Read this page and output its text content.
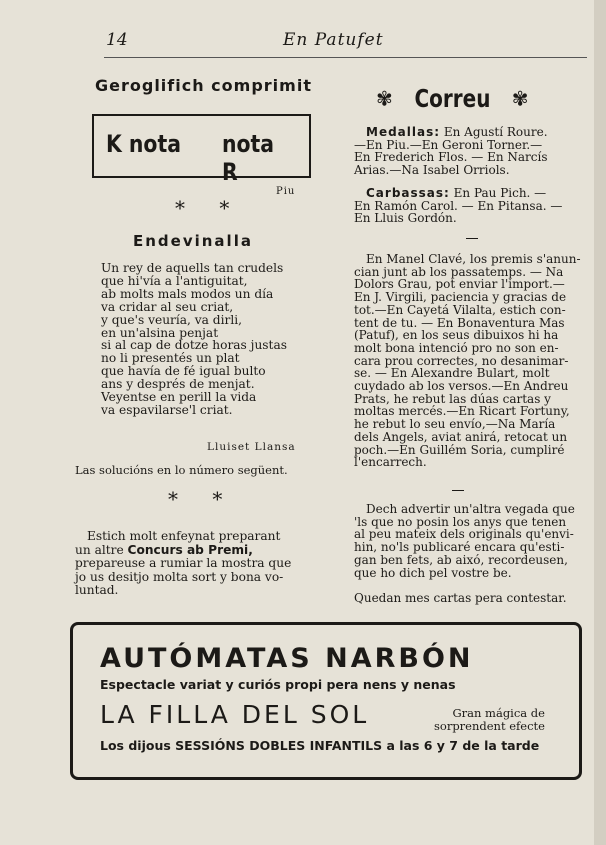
14	En Patufet
Geroglifich comprimit
K nota nota R
Piu
* *
Endevinalla
Un rey de aquells tan crudels
que hi'vía a l'antiguitat,
ab molts mals modos un día
va cridar al seu criat,
y que's veuría, va dirli,
en un'alsina penjat
si al cap de dotze horas justas
no li presentés un plat
que havía de fé igual bulto
ans y després de menjat.
Veyentse en perill la vida
va espavilarse'l criat.
Lluiset Llansa
Las solucións en lo número següent.
* *
Estich molt enfeynat preparant
un altre Concurs ab Premi,
prepareuse a rumiar la mostra que
jo us desitjo molta sort y bona vo-
luntad.
✾ Correu ✾
Medallas: En Agustí Roure.
—En Piu.—En Geroni Torner.—
En Frederich Flos. — En Narcís
Arias.—Na Isabel Orriols.
Carbassas: En Pau Pich. —
En Ramón Carol. — En Pitansa. —
En Lluis Gordón.
En Manel Clavé, los premis s'anun-
cian junt ab los passatemps. — Na
Dolors Grau, pot enviar l'import.—
En J. Virgili, paciencia y gracias de
tot.—En Cayetá Vilalta, estich con-
tent de tu. — En Bonaventura Mas
(Patuf), en los seus dibuixos hi ha
molt bona intenció pro no son en-
cara prou correctes, no desanimar-
se. — En Alexandre Bulart, molt
cuydado ab los versos.—En Andreu
Prats, he rebut las dúas cartas y
moltas mercés.—En Ricart Fortuny,
he rebut lo seu envío,—Na María
dels Angels, aviat anirá, retocat un
poch.—En Guillém Soria, cumpliré
l'encarrech.
Dech advertir un'altra vegada que
'ls que no posin los anys que tenen
al peu mateix dels originals qu'envi-
hin, no'ls publicaré encara qu'esti-
gan ben fets, ab aixó, recordeusen,
que ho dich pel vostre be.
Quedan mes cartas pera contestar.
AUTÓMATAS NARBÓN
Espectacle variat y curiós propi pera nens y nenas
LA FILLA DEL SOL	Gran mágica de
sorprendent efecte
Los dijous SESSIÓNS DOBLES INFANTILS a las 6 y 7 de la tarde
